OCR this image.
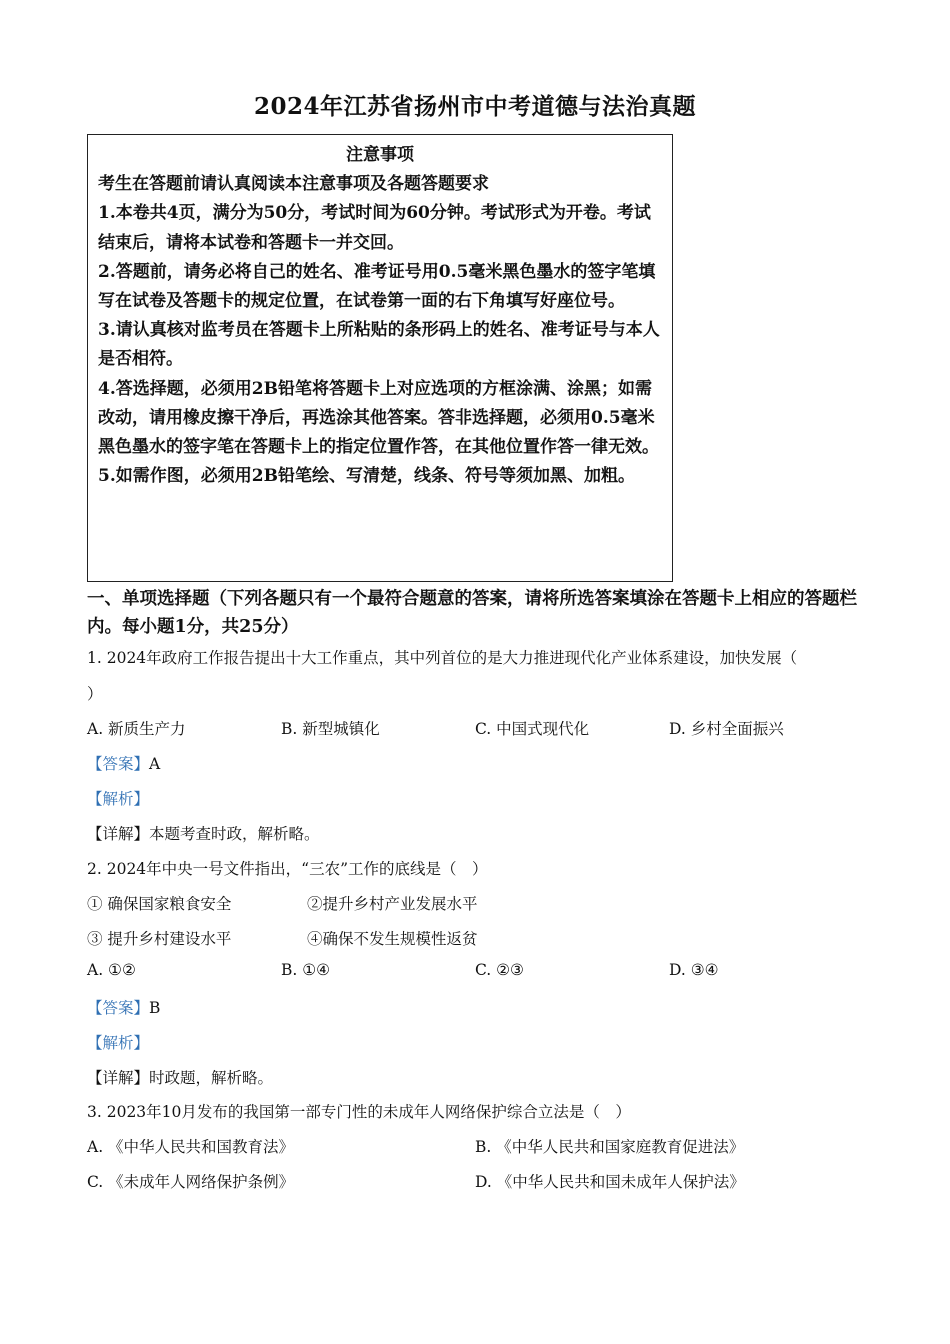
2024年江苏省扬州市中考道德与法治真题
注意事项

考生在答题前请认真阅读本注意事项及各题答题要求

1.本卷共4页，满分为50分，考试时间为60分钟。考试形式为开卷。考试结束后，请将本试卷和答题卡一并交回。

2.答题前，请务必将自己的姓名、准考证号用0.5毫米黑色墨水的签字笔填写在试卷及答题卡的规定位置，在试卷第一面的右下角填写好座位号。

3.请认真核对监考员在答题卡上所粘贴的条形码上的姓名、准考证号与本人是否相符。

4.答选择题，必须用2B铅笔将答题卡上对应选项的方框涂满、涂黑；如需改动，请用橡皮擦干净后，再选涂其他答案。答非选择题，必须用0.5毫米黑色墨水的签字笔在答题卡上的指定位置作答，在其他位置作答一律无效。

5.如需作图，必须用2B铅笔绘、写清楚，线条、符号等须加黑、加粗。

一、单项选择题（下列各题只有一个最符合题意的答案，请将所选答案填涂在答题卡上相应的答题栏内。每小题1分，共25分）
1. 2024年政府工作报告提出十大工作重点，其中列首位的是大力推进现代化产业体系建设，加快发展（
）
A. 新质生产力	B. 新型城镇化	C. 中国式现代化	D. 乡村全面振兴
【答案】A
【解析】
【详解】本题考查时政，解析略。
2. 2024年中央一号文件指出，“三农”工作的底线是（　）
① 确保国家粮食安全	②提升乡村产业发展水平
③ 提升乡村建设水平	④确保不发生规模性返贫
A. ①②	B. ①④	C. ②③	D. ③④
【答案】B
【解析】
【详解】时政题，解析略。
3. 2023年10月发布的我国第一部专门性的未成年人网络保护综合立法是（　）
A. 《中华人民共和国教育法》	B. 《中华人民共和国家庭教育促进法》
C. 《未成年人网络保护条例》	D. 《中华人民共和国未成年人保护法》
